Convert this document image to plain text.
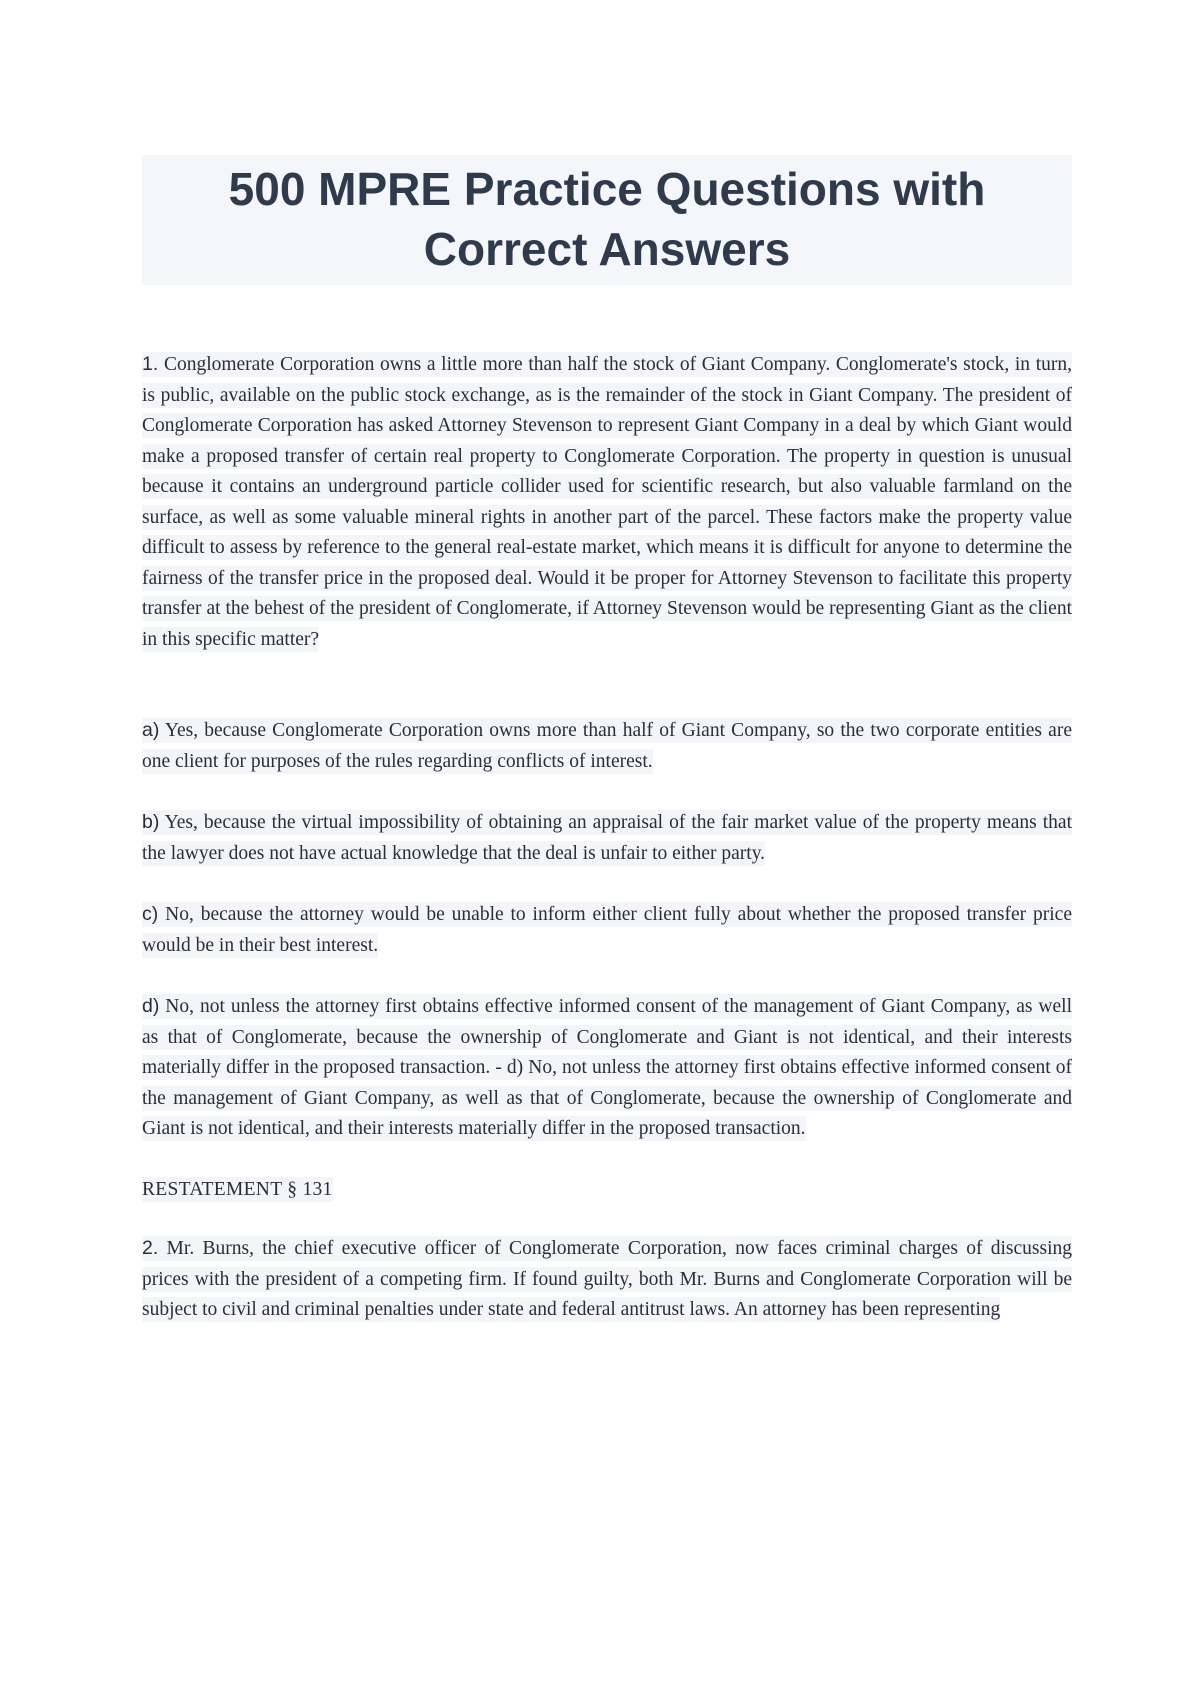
500 MPRE Practice Questions with

Correct Answers

1. Conglomerate Corporation owns a little more than half the stock of Giant Company. Conglomerate's stock, in turn, is public, available on the public stock exchange, as is the remainder of the stock in Giant Company. The president of Conglomerate Corporation has asked Attorney Stevenson to represent Giant Company in a deal by which Giant would make a proposed transfer of certain real property to Conglomerate Corporation. The property in question is unusual because it contains an underground particle collider used for scientific research, but also valuable farmland on the surface, as well as some valuable mineral rights in another part of the parcel. These factors make the property value difficult to assess by reference to the general real-estate market, which means it is difficult for anyone to determine the fairness of the transfer price in the proposed deal. Would it be proper for Attorney Stevenson to facilitate this property transfer at the behest of the president of Conglomerate, if Attorney Stevenson would be representing Giant as the client in this specific matter?

a) Yes, because Conglomerate Corporation owns more than half of Giant Company, so the two corporate entities are one client for purposes of the rules regarding conflicts of interest.

b) Yes, because the virtual impossibility of obtaining an appraisal of the fair market value of the property means that the lawyer does not have actual knowledge that the deal is unfair to either party.

c) No, because the attorney would be unable to inform either client fully about whether the proposed transfer price would be in their best interest.

d) No, not unless the attorney first obtains effective informed consent of the management of Giant Company, as well as that of Conglomerate, because the ownership of Conglomerate and Giant is not identical, and their interests materially differ in the proposed transaction. - d) No, not unless the attorney first obtains effective informed consent of the management of Giant Company, as well as that of Conglomerate, because the ownership of Conglomerate and Giant is not identical, and their interests materially differ in the proposed transaction.

RESTATEMENT § 131

2. Mr. Burns, the chief executive officer of Conglomerate Corporation, now faces criminal charges of discussing prices with the president of a competing firm. If found guilty, both Mr. Burns and Conglomerate Corporation will be subject to civil and criminal penalties under state and federal antitrust laws. An attorney has been representing
